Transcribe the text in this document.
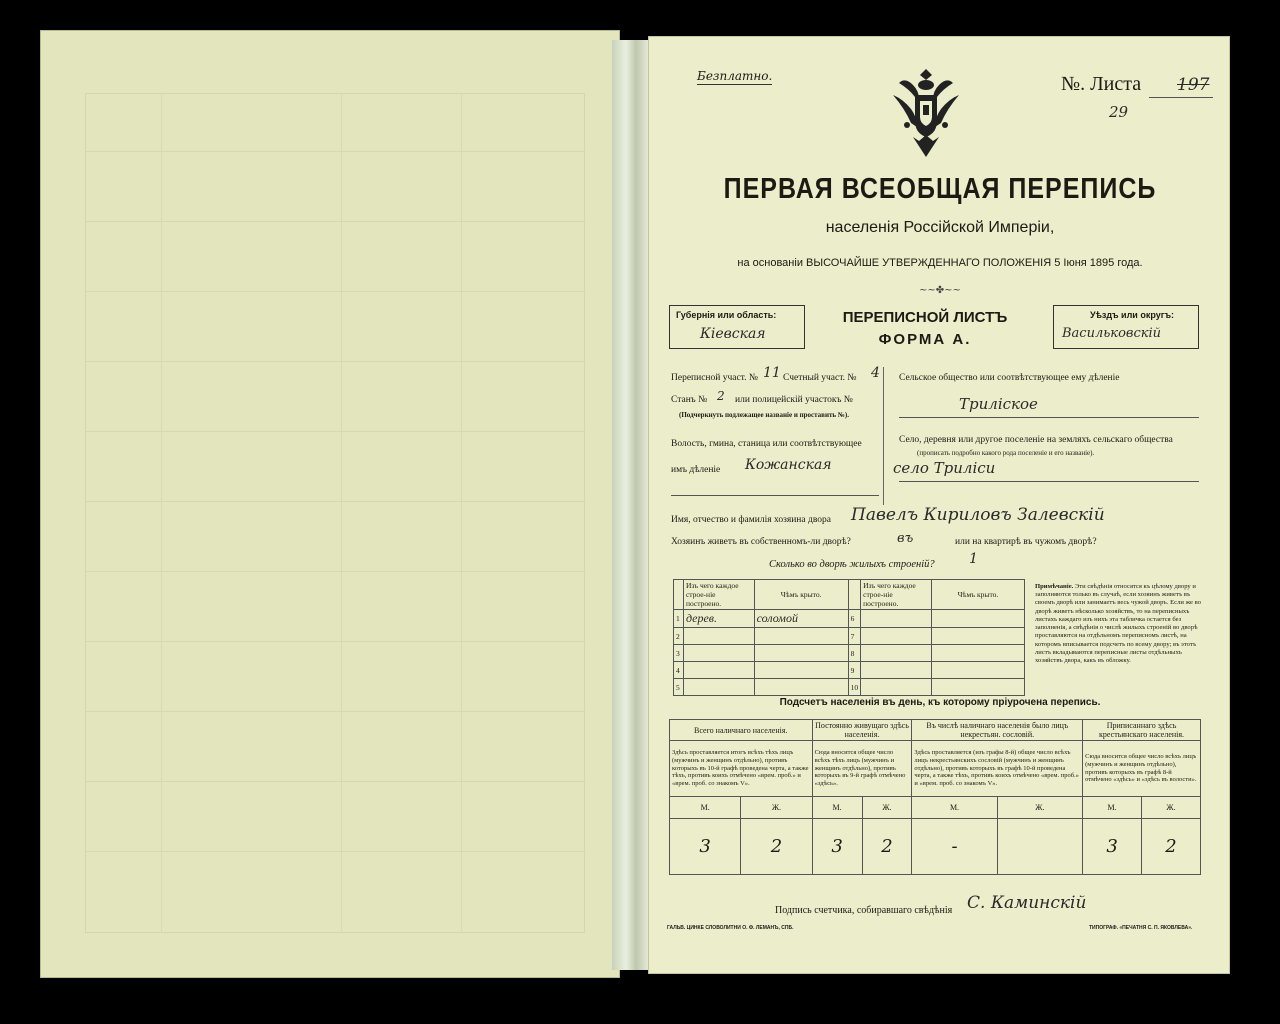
Безплатно.	№. Листа 197
29
ПЕРВАЯ ВСЕОБЩАЯ ПЕРЕПИСЬ
населенія Россійской Имперіи,
на основаніи ВЫСОЧАЙШЕ УТВЕРЖДЕННАГО ПОЛОЖЕНІЯ 5 Іюня 1895 года.
~~✤~~
Губернія или область:
Кіевская
ПЕРЕПИСНОЙ ЛИСТЪ
ФОРМА А.
Уѣздъ или округъ:
Васильковскій
Переписной участ. № 11 Счетный участ. № 4
Станъ № 2 или полицейскій участокъ №
(Подчеркнуть подлежащее названіе и проставить №).
Волость, гмина, станица или соотвѣтствующее
имъ дѣленіе Кожанская
Сельское общество или соотвѣтствующее ему дѣленіе
Триліское
Село, деревня или другое поселеніе на земляхъ сельскаго общества
(прописать подробно какого рода поселеніе и его названіе).
село Триліси
Имя, отчество и фамилія хозяина двора Павелъ Кириловъ Залевскій
Хозяинъ живетъ въ собственномъ-ли дворѣ?	въ	или на квартирѣ въ чужомъ дворѣ?
Сколько во дворѣ жилыхъ строеній? 1
	Изъ чего каждое строе-ніе построено.	Чѣмъ крыто.		Изъ чего каждое строе-ніе построено.	Чѣмъ крыто.
1	дерев.	соломой	6		
2			7		
3			8		
4			9		
5			10		
Примѣчаніе. Эти свѣдѣнія относятся къ цѣлому двору и заполняются только въ случаѣ, если хозяинъ живетъ въ своемъ дворѣ или занимаетъ весь чужой дворъ. Если же во дворѣ живетъ нѣсколько хозяйствъ, то на переписныхъ листахъ каждаго изъ нихъ эта табличка остается без заполненія, а свѣдѣнія о числѣ жилыхъ строеній во дворѣ проставляются на отдѣльномъ переписномъ листѣ, на которомъ вписывается подсчетъ по всему двору; въ этотъ листъ вкладываются переписные листы отдѣльныхъ хозяйствъ двора, какъ въ обложку.
Подсчетъ населенія въ день, къ которому пріурочена перепись.
Всего наличнаго населенія.		Постоянно живущаго здѣсь населенія.		Въ числѣ наличнаго населенія было лицъ некрестьян. сословій.		Приписаннаго здѣсь крестьянскаго населенія.	
Здѣсь проставляется итогъ всѣхъ тѣхъ лицъ (мужчинъ и женщинъ отдѣльно), противъ которыхъ въ 10-й графѣ проведена черта, а также тѣхъ, противъ коихъ отмѣчено «врем. проб.» и «врем. проб. со знакомъ V».		Сюда вносится общее число всѣхъ тѣхъ лицъ (мужчинъ и женщинъ отдѣльно), противъ которыхъ въ 9-й графѣ отмѣчено «здѣсь».		Здѣсь проставляется (изъ графы 8-й) общее число всѣхъ лицъ некрестьянскихъ сословій (мужчинъ и женщинъ отдѣльно), противъ которыхъ въ графѣ 10-й проведена черта, а также тѣхъ, противъ коихъ отмѣчено «врем. проб.» и «врем. проб. со знакомъ V».		Сюда вносится общее число всѣхъ лицъ (мужчинъ и женщинъ отдѣльно), противъ которыхъ въ графѣ 8-й отмѣчено «здѣсь» и «здѣсь въ волости».	
М.	Ж.	М.	Ж.	М.	Ж.	М.	Ж.
3	2	3	2	-		3	2
Подпись счетчика, собиравшаго свѣдѣнія С. Каминскій
ГАЛЬВ. ЦИНКЕ СЛОВОЛИТНИ О. Ф. ЛЕМАНЪ, СПБ.	ТИПОГРАФ. «ПЕЧАТНЯ С. П. ЯКОВЛЕВА».
